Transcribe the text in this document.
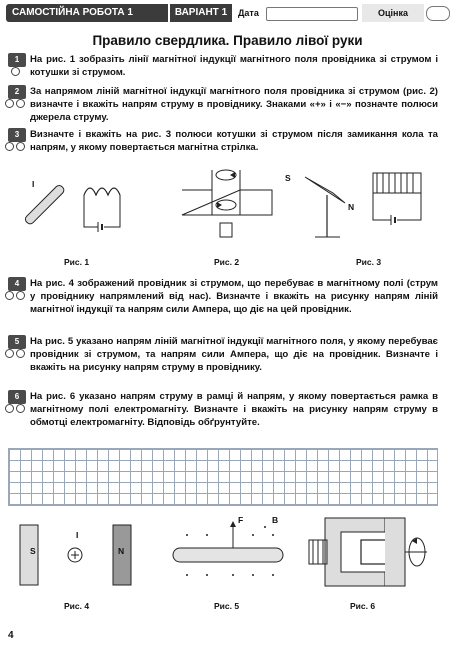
САМОСТІЙНА РОБОТА 1	ВАРІАНТ 1	Дата	Оцінка
Правило свердлика. Правило лівої руки
1	На рис. 1 зобразіть лінії магнітної індукції магнітного поля провідника зі струмом і котушки зі струмом.
2	За напрямом ліній магнітної індукції магнітного поля провідника зі струмом (рис. 2) визначте і вкажіть напрям струму в провіднику. Знаками «+» і «−» позначте полюси джерела струму.
3	Визначте і вкажіть на рис. 3 полюси котушки зі струмом після замикання кола та напрям, у якому повертається магнітна стрілка.
I
Рис. 1	Рис. 2
S
N
Рис. 3
4	На рис. 4 зображений провідник зі струмом, що перебуває в магнітному полі (струм у провіднику напрямлений від нас). Визначте і вкажіть на рисунку напрям ліній магнітної індукції та напрям сили Ампера, що діє на цей провідник.
5	На рис. 5 указано напрям ліній магнітної індукції магнітного поля, у якому перебуває провідник зі струмом, та напрям сили Ампера, що діє на провідник. Визначте і вкажіть на рисунку напрям струму в провіднику.
6	На рис. 6 указано напрям струму в рамці й напрям, у якому повертається рамка в магнітному полі електромагніту. Визначте і вкажіть на рисунку напрям струму в обмотці електромагніту. Відповідь обґрунтуйте.
S	N
I
Рис. 4
F	B
Рис. 5	Рис. 6
4
